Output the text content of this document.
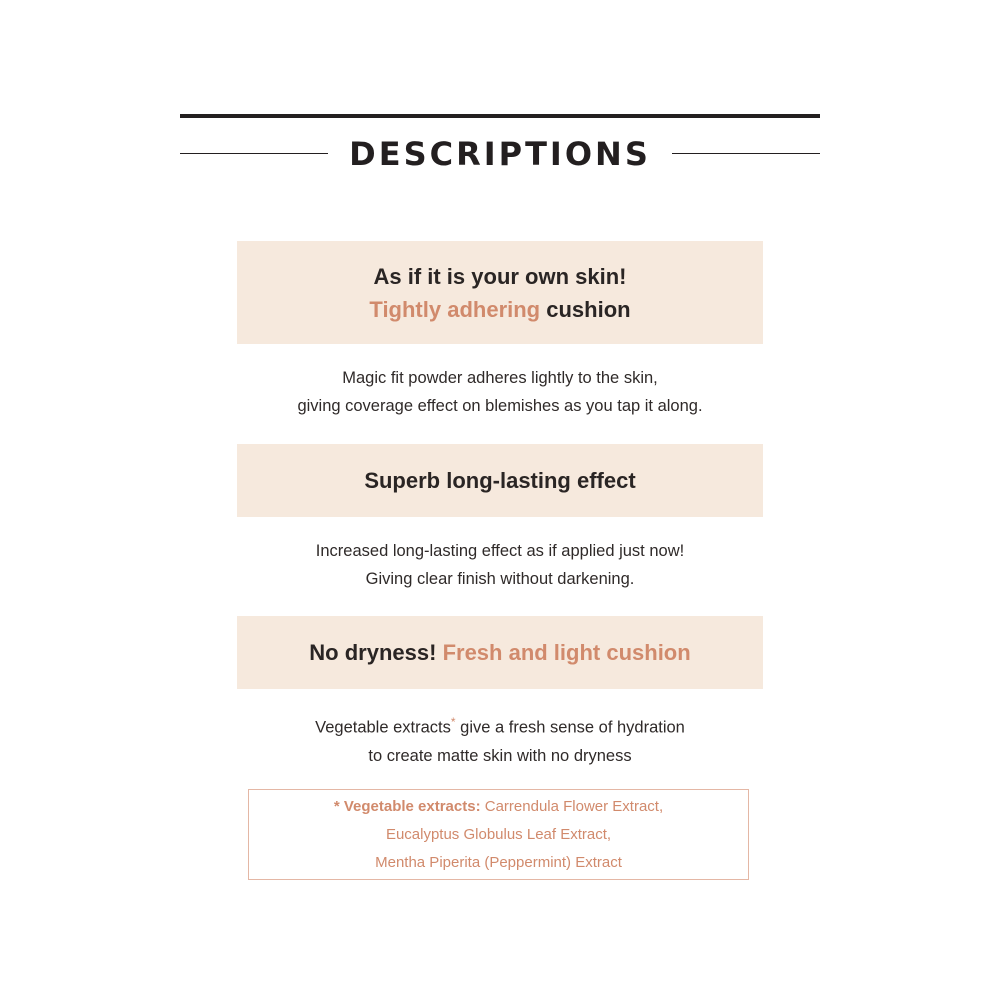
DESCRIPTIONS
As if it is your own skin!
Tightly adhering cushion
Magic fit powder adheres lightly to the skin,
giving coverage effect on blemishes as you tap it along.
Superb long-lasting effect
Increased long-lasting effect as if applied just now!
Giving clear finish without darkening.
No dryness! Fresh and light cushion
Vegetable extracts* give a fresh sense of hydration
to create matte skin with no dryness
* Vegetable extracts: Carrendula Flower Extract,
Eucalyptus Globulus Leaf Extract,
Mentha Piperita (Peppermint) Extract
